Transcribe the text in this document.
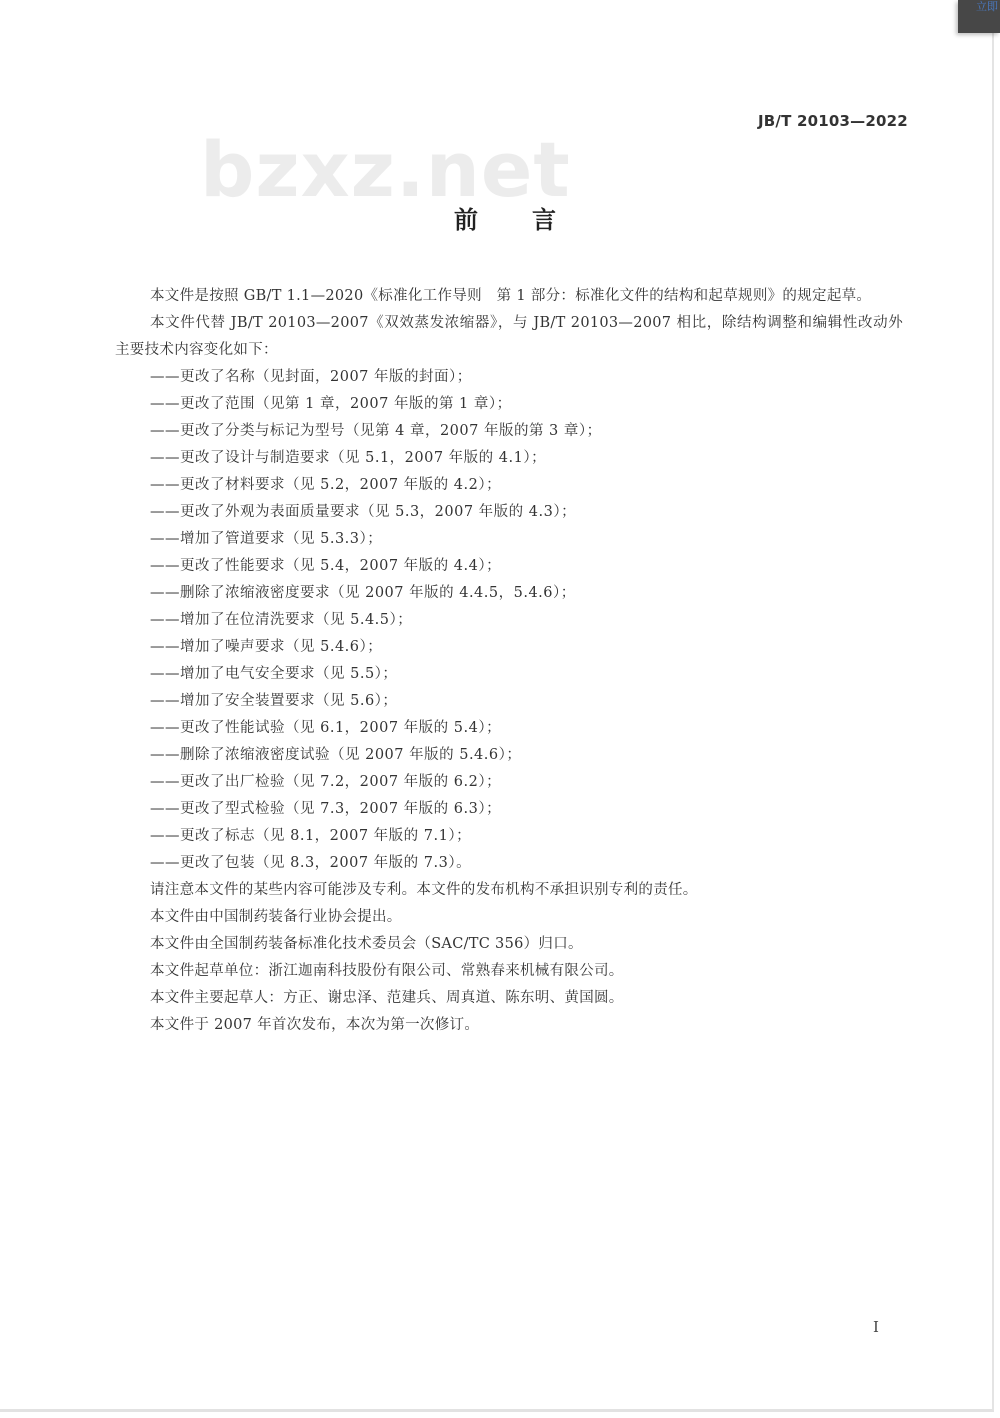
JB/T 20103—2022
bzxz.net
前 言

本文件是按照 GB/T 1.1—2020《标准化工作导则　第 1 部分：标准化文件的结构和起草规则》的规定起草。

本文件代替 JB/T 20103—2007《双效蒸发浓缩器》，与 JB/T 20103—2007 相比，除结构调整和编辑性改动外主要技术内容变化如下：

——更改了名称（见封面，2007 年版的封面）；

——更改了范围（见第 1 章，2007 年版的第 1 章）；

——更改了分类与标记为型号（见第 4 章，2007 年版的第 3 章）；

——更改了设计与制造要求（见 5.1，2007 年版的 4.1）；

——更改了材料要求（见 5.2，2007 年版的 4.2）；

——更改了外观为表面质量要求（见 5.3，2007 年版的 4.3）；

——增加了管道要求（见 5.3.3）；

——更改了性能要求（见 5.4，2007 年版的 4.4）；

——删除了浓缩液密度要求（见 2007 年版的 4.4.5，5.4.6）；

——增加了在位清洗要求（见 5.4.5）；

——增加了噪声要求（见 5.4.6）；

——增加了电气安全要求（见 5.5）；

——增加了安全装置要求（见 5.6）；

——更改了性能试验（见 6.1，2007 年版的 5.4）；

——删除了浓缩液密度试验（见 2007 年版的 5.4.6）；

——更改了出厂检验（见 7.2，2007 年版的 6.2）；

——更改了型式检验（见 7.3，2007 年版的 6.3）；

——更改了标志（见 8.1，2007 年版的 7.1）；

——更改了包装（见 8.3，2007 年版的 7.3）。

请注意本文件的某些内容可能涉及专利。本文件的发布机构不承担识别专利的责任。

本文件由中国制药装备行业协会提出。

本文件由全国制药装备标准化技术委员会（SAC/TC 356）归口。

本文件起草单位：浙江迦南科技股份有限公司、常熟春来机械有限公司。

本文件主要起草人：方正、谢忠泽、范建兵、周真道、陈东明、黄国圆。

本文件于 2007 年首次发布，本次为第一次修订。

I
立即
